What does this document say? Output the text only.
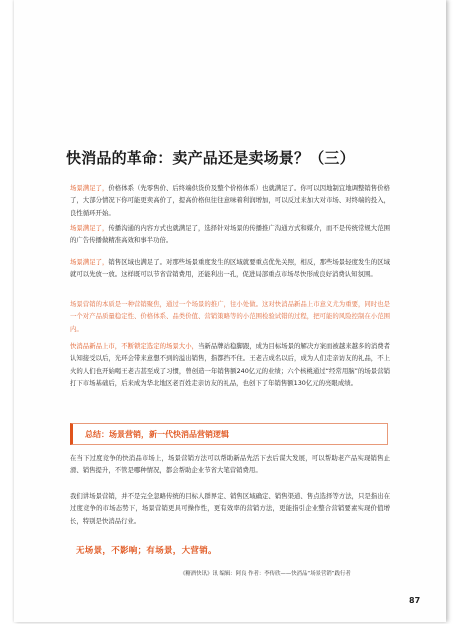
快消品的革命：卖产品还是卖场景？（三）

场景满足了，价格体系（先零售价、后终端供货价及整个价格体系）也就满足了。你可以因地制宜地调整销售价格了，大部分情况下你可能更卖高价了，提高价格但往往意味着利润增加，可以反过来加大对市场、对终端的投入，良性循环开始。

场景满足了，传播沟通的内容方式也就满足了，选择针对场景的传播推广沟通方式和媒介，而不是传统常规大范围的广告传播做精准高效和事半功倍。

场景满足了，销售区域也满足了。对那些场景重度发生的区域就要重点优先关照，相反，那些场景轻度发生的区域就可以先放一放。这样既可以节省营销费用，还能利出一孔，促进局部重点市场尽快形成良好消费认知氛围。

场景营销的本质是一种营销聚焦，通过一个场景的推广，往小处做。这对快消品新品上市意义尤为重要，同时也是一个对产品质量稳定性、价格体系、品类价值、营销策略等的小范围检验试错的过程，把可能的风险控制在小范围内。

快消品新品上市，不断锁定选定的场景大小，当新品牌站稳脚跟，成为目标场景的解决方案而被越来越多的消费者认知接受以后，光环会带来意想不到的溢出销售，指都挡不住。王老吉成名以后，成为人们走亲访友的礼品，不上火的人们也开始喝王老吉甚至成了习惯，曾创造一年销售额240亿元的业绩；六个核桃通过“经常用脑”的场景营销打下市场基础后，后来成为华北地区老百姓走亲访友的礼品，也创下了年销售额130亿元的亮眼成绩。

总结：场景营销，新一代快消品营销逻辑

在当下过度竞争的快消品市场上，场景营销方法可以帮助新品先活下去后谋大发展，可以帮助老产品实现销售止滑、销售提升，不管是哪种情况，都会帮助企业节省大笔营销费用。

我们讲场景营销，并不是完全忽略传统的目标人群界定、销售区域确定、销售渠道、售点选择等方法，只是指出在过度竞争的市场态势下，场景营销更具可操作性，更有效率的营销方法，更能指引企业整合营销要素实现价值增长，特别是快消品行业。

无场景，不影响；有场景，大营销。
《糖酒快讯》讯 编辑：阿良 作者：李传欣——快消品“场景营销”践行者
87
